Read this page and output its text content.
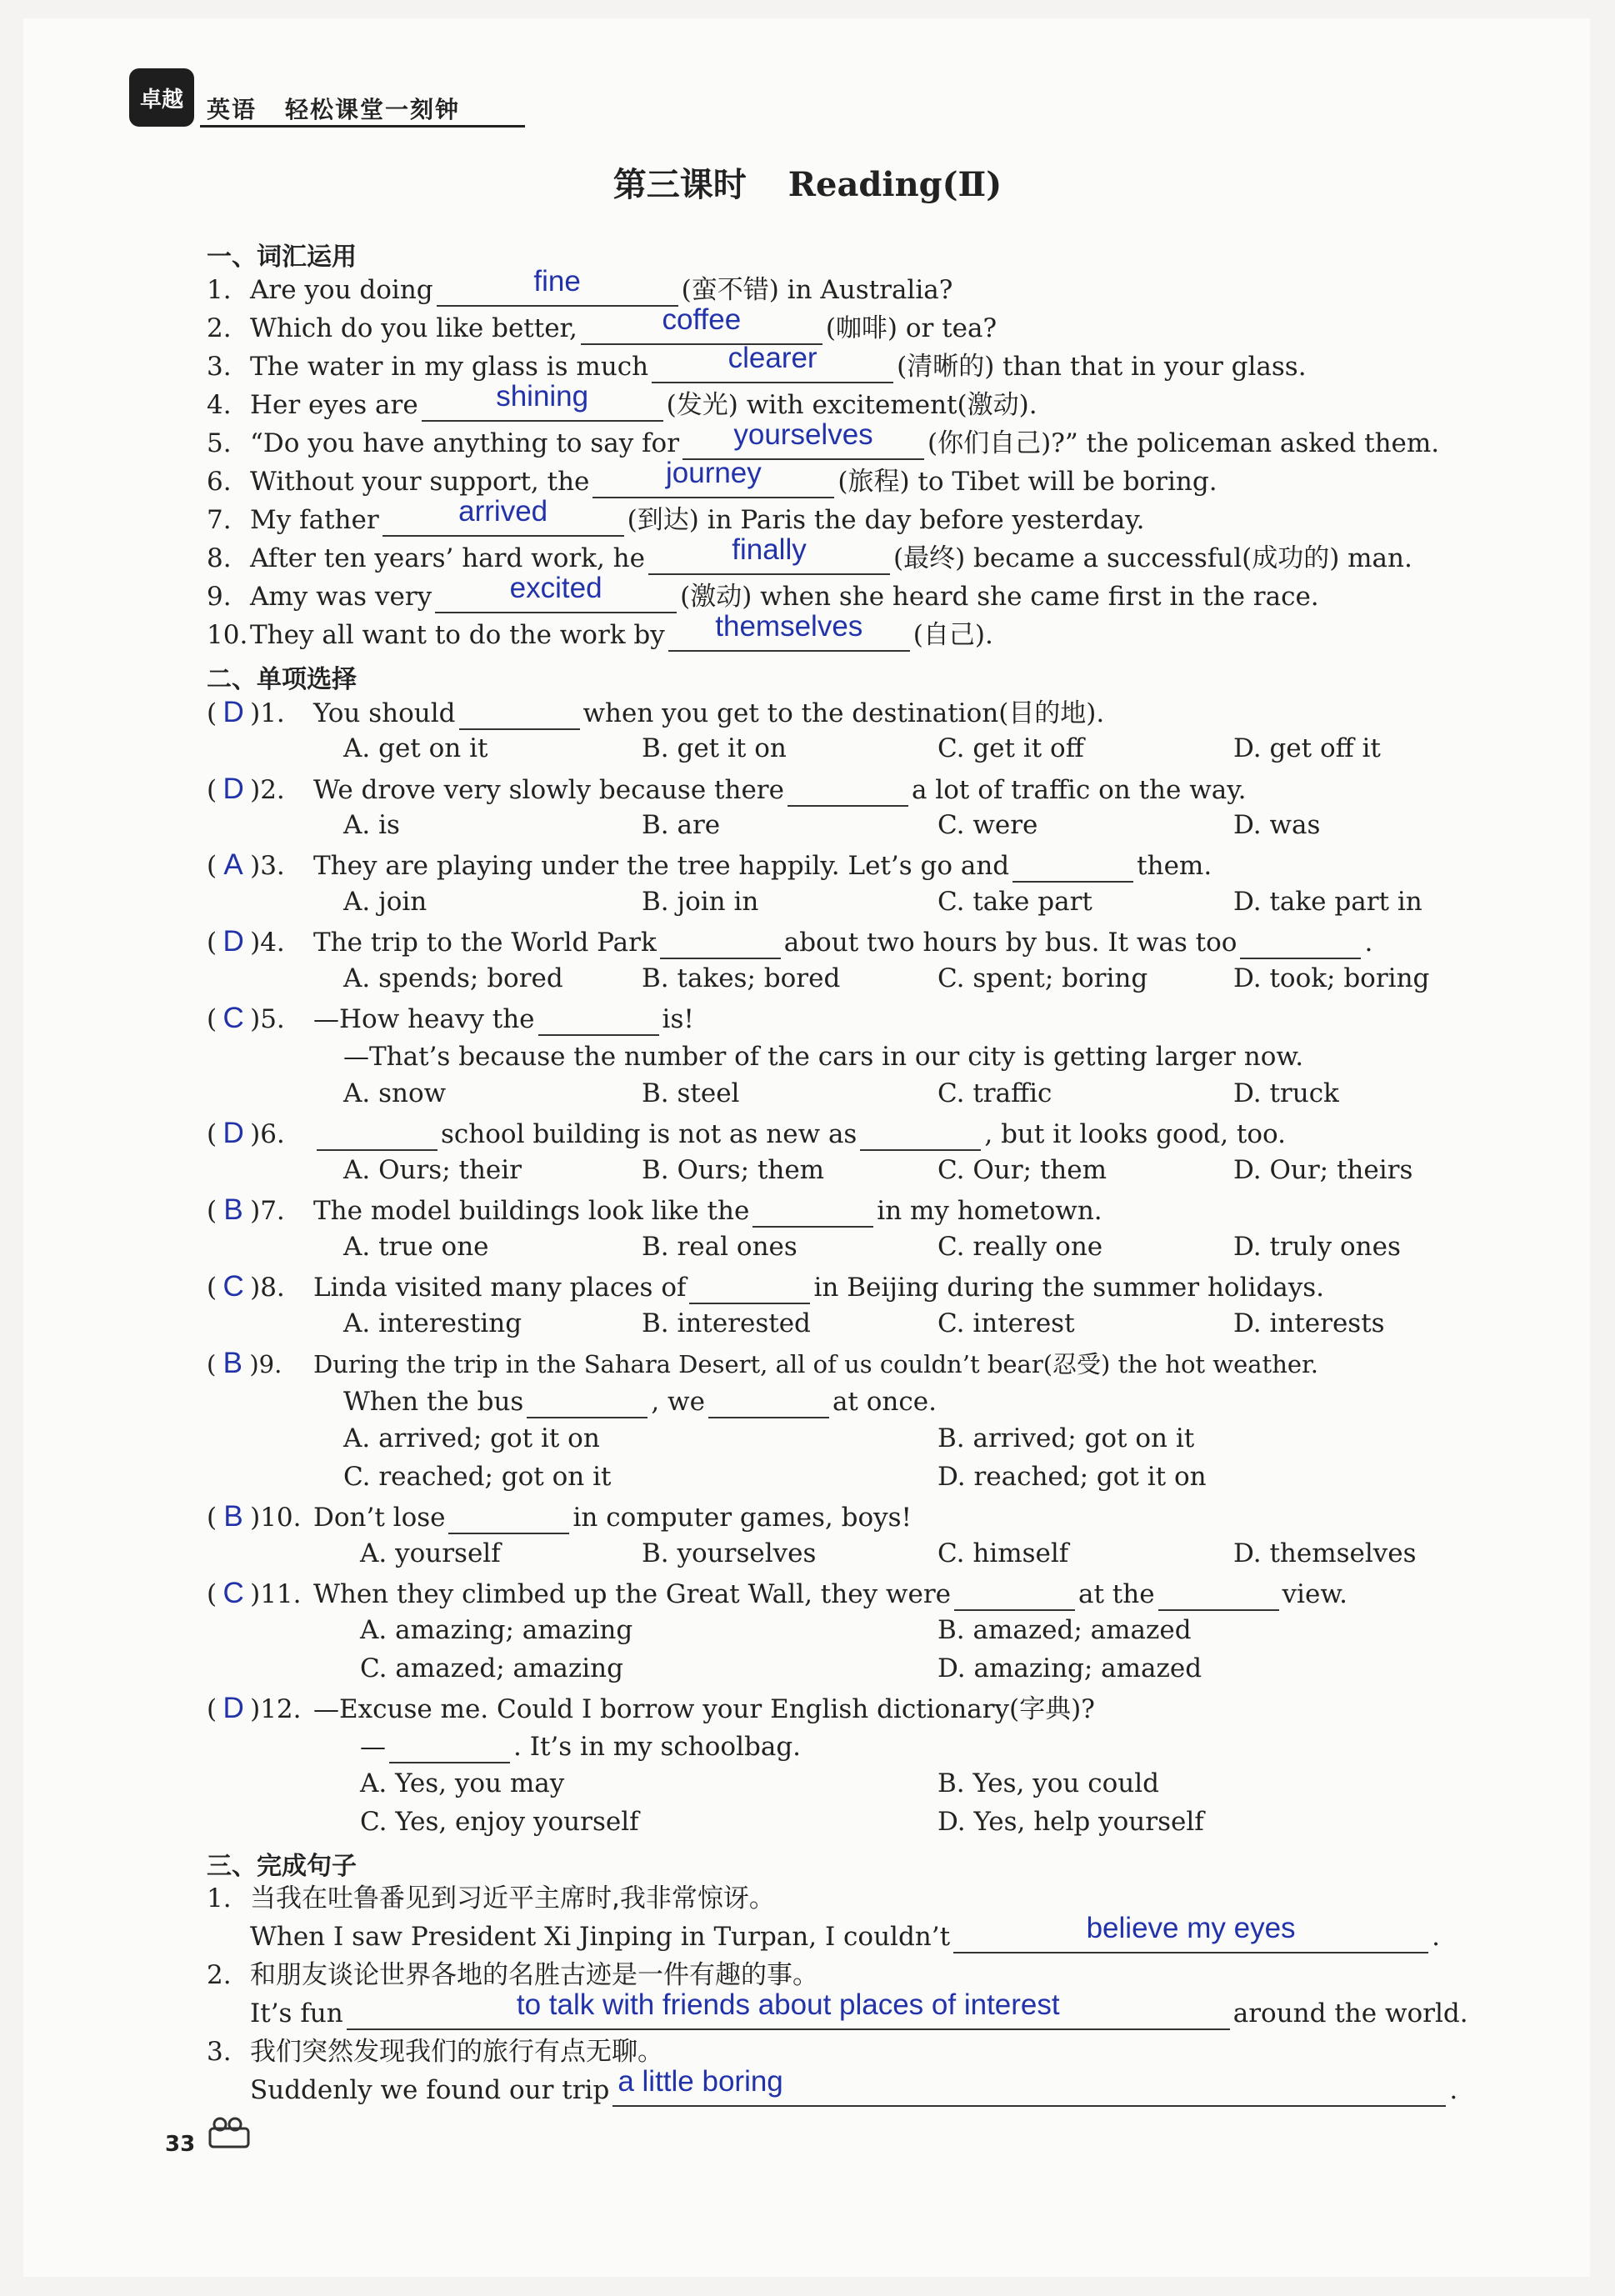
卓越	英语 轻松课堂一刻钟
第三课时 Reading(Ⅱ)
一、词汇运用
1. Are you doing	fine	(蛮不错) in Australia?
2. Which do you like better,	coffee	(咖啡) or tea?
3. The water in my glass is much	clearer	(清晰的) than that in your glass.
4. Her eyes are	shining	(发光) with excitement(激动).
5. “Do you have anything to say for yourselves (你们自己)?” the policeman asked them.
6. Without your support, the	journey	(旅程) to Tibet will be boring.
7. My father	arrived	(到达) in Paris the day before yesterday.
8. After ten years’ hard work, he	finally	(最终) became a successful(成功的) man.
9. Amy was very	excited	(激动) when she heard she came first in the race.
10.They all want to do the work by themselves (自己).
二、单项选择
( D )1. You should	when you get to the destination(目的地).
A. get on it	B. get it on	C. get it off	D. get off it
( D )2. We drove very slowly because there	a lot of traffic on the way.
A. is	B. are	C. were	D. was
( A )3. They are playing under the tree happily. Let’s go and	them.
A. join	B. join in	C. take part	D. take part in
( D )4. The trip to the World Park	about two hours by bus. It was too	.
A. spends; bored	B. takes; bored	C. spent; boring	D. took; boring
( C )5. —How heavy the	is!
—That’s because the number of the cars in our city is getting larger now.
A. snow	B. steel	C. traffic	D. truck
( D )6.	school building is not as new as	, but it looks good, too.
A. Ours; their	B. Ours; them	C. Our; them	D. Our; theirs
( B )7. The model buildings look like the	in my hometown.
A. true one	B. real ones	C. really one	D. truly ones
( C )8. Linda visited many places of	in Beijing during the summer holidays.
A. interesting	B. interested	C. interest	D. interests
( B )9. During the trip in the Sahara Desert, all of us couldn’t bear(忍受) the hot weather.
When the bus	, we	at once.
A. arrived; got it on	B. arrived; got on it
C. reached; got on it	D. reached; got it on
( B )10. Don’t lose	in computer games, boys!
A. yourself	B. yourselves	C. himself	D. themselves
( C )11. When they climbed up the Great Wall, they were	at the	view.
A. amazing; amazing	B. amazed; amazed
C. amazed; amazing	D. amazing; amazed
( D )12. —Excuse me. Could I borrow your English dictionary(字典)?
—	. It’s in my schoolbag.
A. Yes, you may	B. Yes, you could
C. Yes, enjoy yourself	D. Yes, help yourself
三、完成句子
1. 当我在吐鲁番见到习近平主席时,我非常惊讶。
When I saw President Xi Jinping in Turpan, I couldn’t	believe my eyes	.
2. 和朋友谈论世界各地的名胜古迹是一件有趣的事。
It’s fun	to talk with friends about places of interest	around the world.
3. 我们突然发现我们的旅行有点无聊。
Suddenly we found our trip a little boring	.
33
